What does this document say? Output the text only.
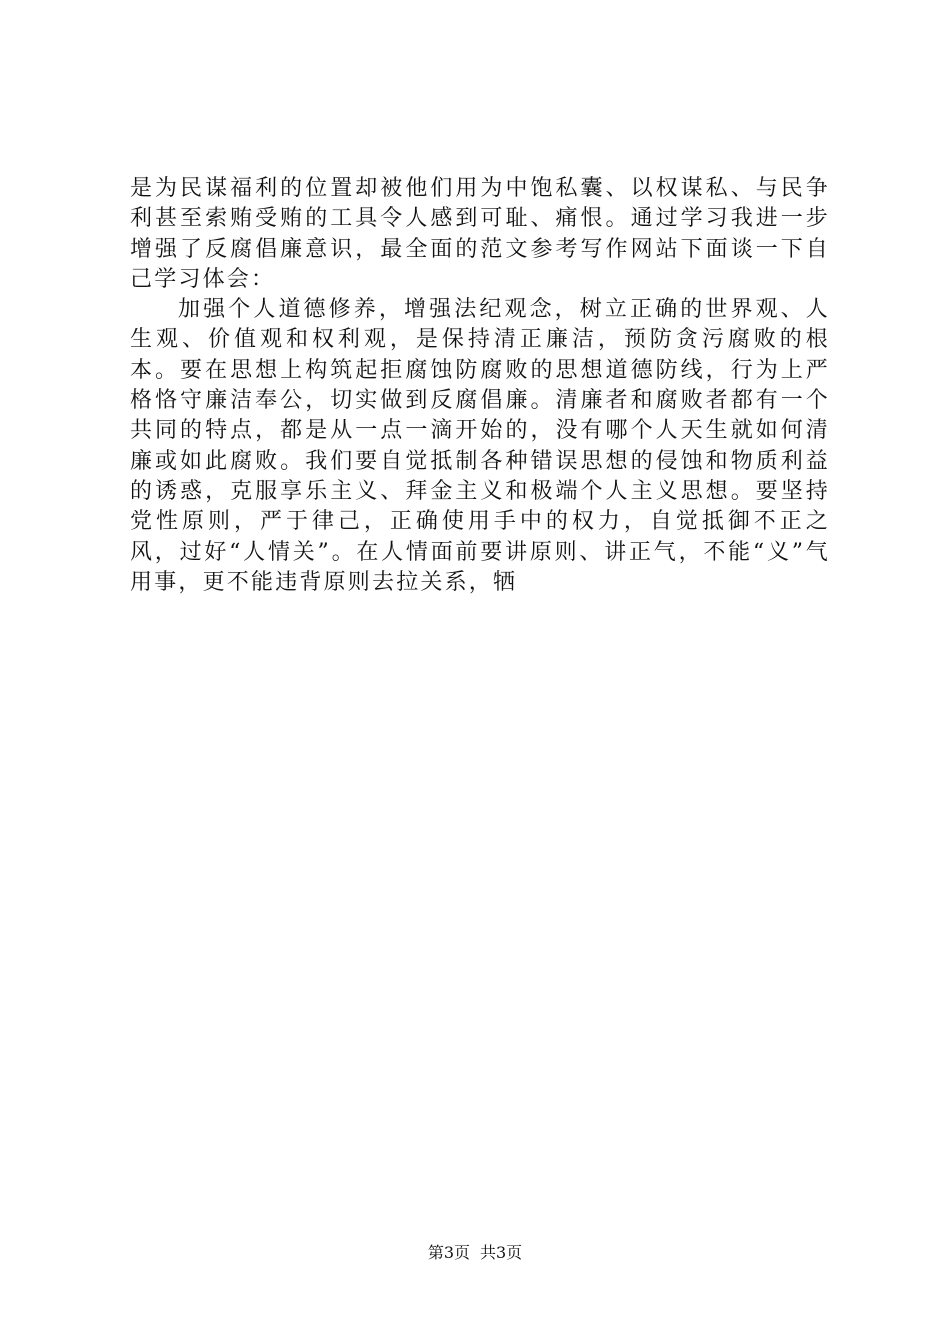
是为民谋福利的位置却被他们用为中饱私囊、以权谋私、与民争利甚至索贿受贿的工具令人感到可耻、痛恨。通过学习我进一步增强了反腐倡廉意识，最全面的范文参考写作网站下面谈一下自己学习体会：

加强个人道德修养，增强法纪观念，树立正确的世界观、人生观、价值观和权利观，是保持清正廉洁，预防贪污腐败的根本。要在思想上构筑起拒腐蚀防腐败的思想道德防线，行为上严格恪守廉洁奉公，切实做到反腐倡廉。清廉者和腐败者都有一个共同的特点，都是从一点一滴开始的，没有哪个人天生就如何清廉或如此腐败。我们要自觉抵制各种错误思想的侵蚀和物质利益的诱惑，克服享乐主义、拜金主义和极端个人主义思想。要坚持党性原则，严于律己，正确使用手中的权力，自觉抵御不正之风，过好“人情关”。在人情面前要讲原则、讲正气，不能“义”气用事，更不能违背原则去拉关系，牺

第3页 共3页
